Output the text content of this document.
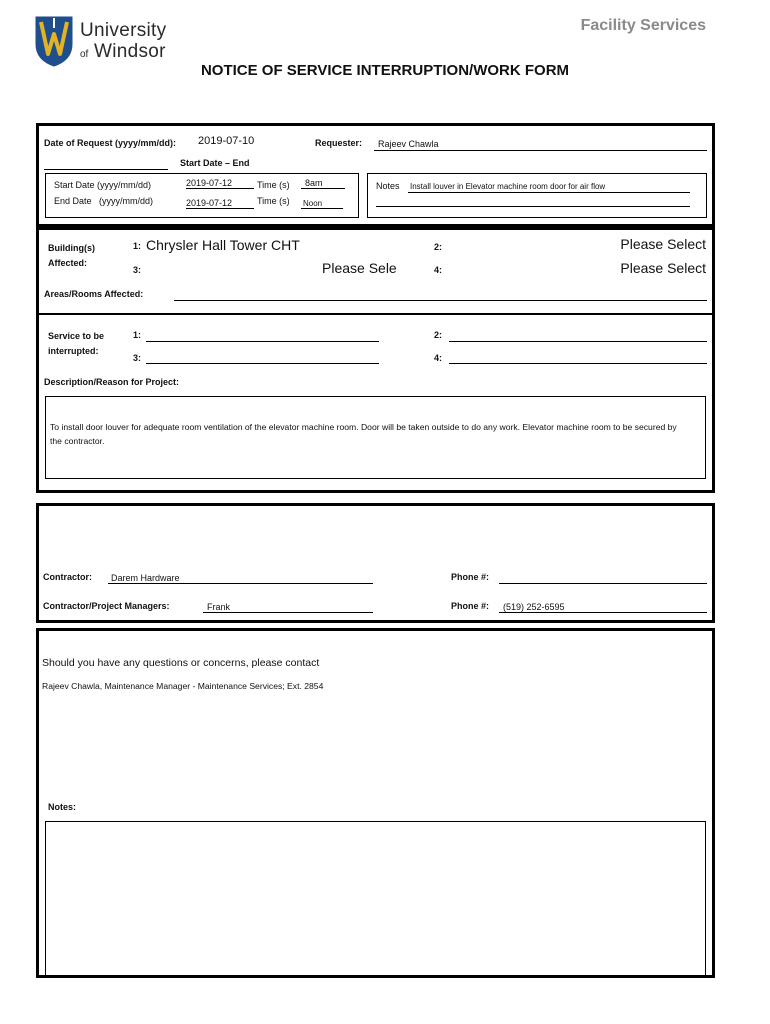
University
of Windsor
Facility Services
NOTICE OF SERVICE INTERRUPTION/WORK FORM
Date of Request (yyyy/mm/dd): 2019-07-10	Requester: Rajeev Chawla
Start Date – End
Start Date (yyyy/mm/dd)	2019-07-12	Time (s)	8am
End Date   (yyyy/mm/dd)	2019-07-12	Time (s) Noon
Notes Install louver in Elevator machine room door for air flow
Building(s)
Affected:
1: Chrysler Hall Tower CHT	2:	Please Select
3:	Please Sele	4:	Please Select
Areas/Rooms Affected:
Service to be
interrupted:
1:	2:
3:	4:
Description/Reason for Project:
To install door louver for adequate room ventilation of the elevator machine room. Door will be taken outside to do any work. Elevator machine room to be secured by the contractor.
Contractor: Darem Hardware	Phone #:
Contractor/Project Managers:	Frank	Phone #: (519) 252-6595
Should you have any questions or concerns, please contact
Rajeev Chawla, Maintenance Manager - Maintenance Services; Ext. 2854
Notes:
